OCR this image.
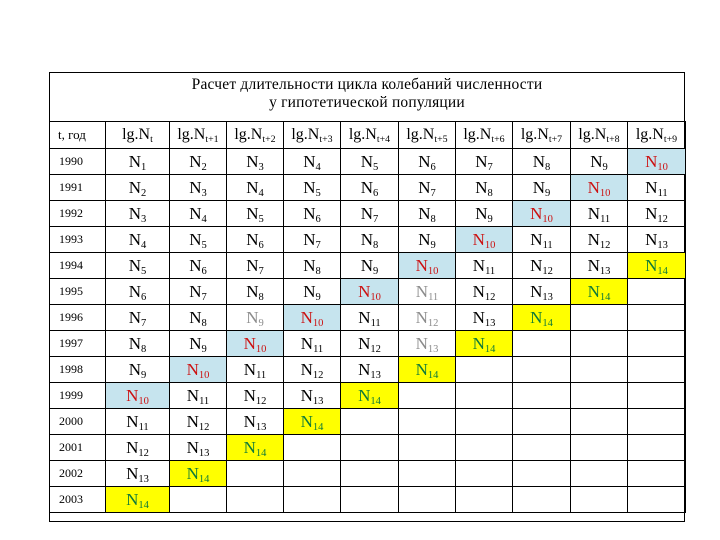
Расчет длительности цикла колебаний численности
у гипотетической популяции
t, год	$\lg.N_t$	$\lg.N_{t+1}$	$\lg.N_{t+2}$	$\lg.N_{t+3}$	$\lg.N_{t+4}$	$\lg.N_{t+5}$	$\lg.N_{t+6}$	$\lg.N_{t+7}$	$\lg.N_{t+8}$	$\lg.N_{t+9}$
1990	$N_1$	$N_2$	$N_3$	$N_4$	$N_5$	$N_6$	$N_7$	$N_8$	$N_9$	$N_{10}$
1991	$N_2$	$N_3$	$N_4$	$N_5$	$N_6$	$N_7$	$N_8$	$N_9$	$N_{10}$	$N_{11}$
1992	$N_3$	$N_4$	$N_5$	$N_6$	$N_7$	$N_8$	$N_9$	$N_{10}$	$N_{11}$	$N_{12}$
1993	$N_4$	$N_5$	$N_6$	$N_7$	$N_8$	$N_9$	$N_{10}$	$N_{11}$	$N_{12}$	$N_{13}$
1994	$N_5$	$N_6$	$N_7$	$N_8$	$N_9$	$N_{10}$	$N_{11}$	$N_{12}$	$N_{13}$	$N_{14}$
1995	$N_6$	$N_7$	$N_8$	$N_9$	$N_{10}$	$N_{11}$	$N_{12}$	$N_{13}$	$N_{14}$	
1996	$N_7$	$N_8$	$N_9$	$N_{10}$	$N_{11}$	$N_{12}$	$N_{13}$	$N_{14}$		
1997	$N_8$	$N_9$	$N_{10}$	$N_{11}$	$N_{12}$	$N_{13}$	$N_{14}$			
1998	$N_9$	$N_{10}$	$N_{11}$	$N_{12}$	$N_{13}$	$N_{14}$				
1999	$N_{10}$	$N_{11}$	$N_{12}$	$N_{13}$	$N_{14}$					
2000	$N_{11}$	$N_{12}$	$N_{13}$	$N_{14}$						
2001	$N_{12}$	$N_{13}$	$N_{14}$							
2002	$N_{13}$	$N_{14}$								
2003	$N_{14}$									
